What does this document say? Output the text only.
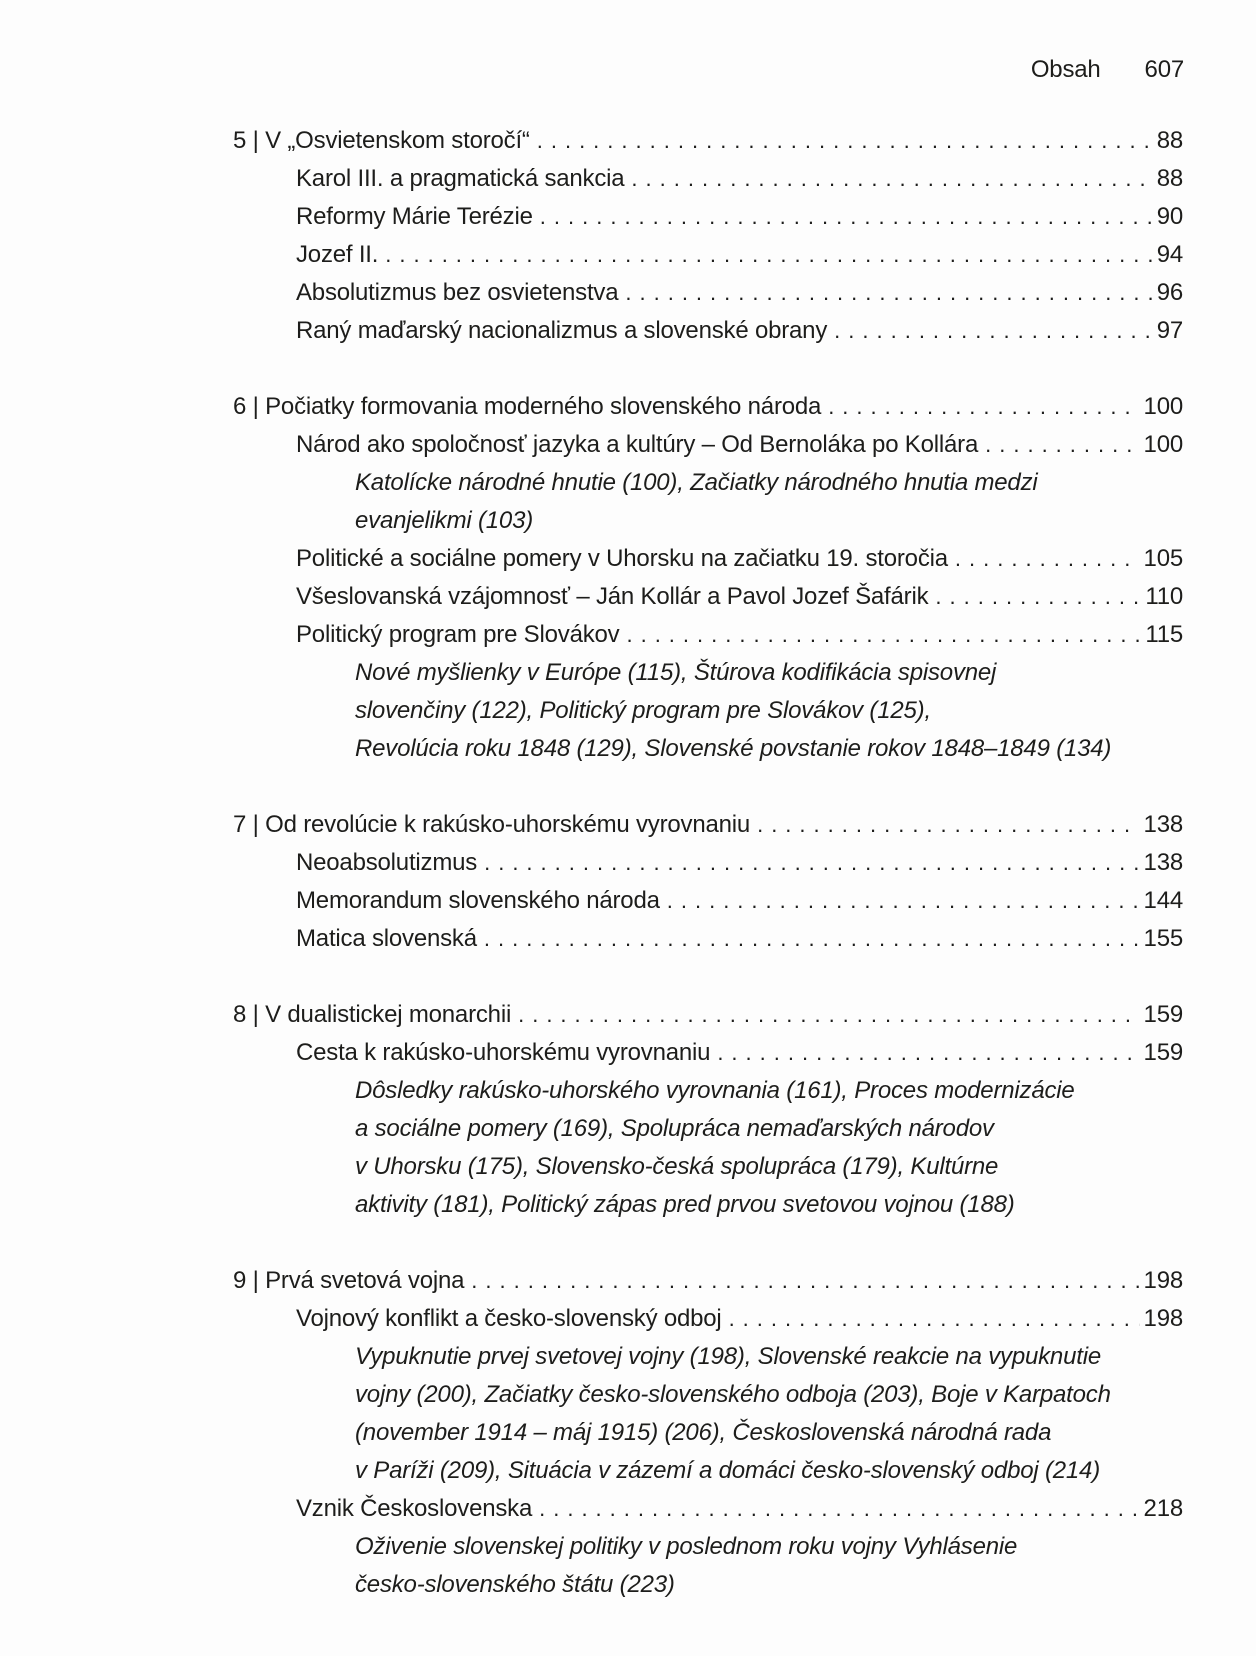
Obsah 607
5 | V „Osvietenskom storočí“ .....	88
Karol III. a pragmatická sankcia .....	88
Reformy Márie Terézie .....	90
Jozef II. .....	94
Absolutizmus bez osvietenstva .....	96
Raný maďarský nacionalizmus a slovenské obrany .....	97
6 | Počiatky formovania moderného slovenského národa .....	100
Národ ako spoločnosť jazyka a kultúry – Od Bernoláka po Kollára .....	100
Katolícke národné hnutie (100), Začiatky národného hnutia medzi
evanjelikmi (103)
Politické a sociálne pomery v Uhorsku na začiatku 19. storočia .....	105
Všeslovanská vzájomnosť – Ján Kollár a Pavol Jozef Šafárik .....	110
Politický program pre Slovákov .....	115
Nové myšlienky v Európe (115), Štúrova kodifikácia spisovnej
slovenčiny (122), Politický program pre Slovákov (125),
Revolúcia roku 1848 (129), Slovenské povstanie rokov 1848–1849 (134)
7 | Od revolúcie k rakúsko-uhorskému vyrovnaniu .....	138
Neoabsolutizmus .....	138
Memorandum slovenského národa .....	144
Matica slovenská .....	155
8 | V dualistickej monarchii .....	159
Cesta k rakúsko-uhorskému vyrovnaniu .....	159
Dôsledky rakúsko-uhorského vyrovnania (161), Proces modernizácie
a sociálne pomery (169), Spolupráca nemaďarských národov
v Uhorsku (175), Slovensko-česká spolupráca (179), Kultúrne
aktivity (181), Politický zápas pred prvou svetovou vojnou (188)
9 | Prvá svetová vojna .....	198
Vojnový konflikt a česko-slovenský odboj .....	198
Vypuknutie prvej svetovej vojny (198), Slovenské reakcie na vypuknutie
vojny (200), Začiatky česko-slovenského odboja (203), Boje v Karpatoch
(november 1914 – máj 1915) (206), Československá národná rada
v Paríži (209), Situácia v zázemí a domáci česko-slovenský odboj (214)
Vznik Československa .....	218
Oživenie slovenskej politiky v poslednom roku vojny Vyhlásenie
česko-slovenského štátu (223)
